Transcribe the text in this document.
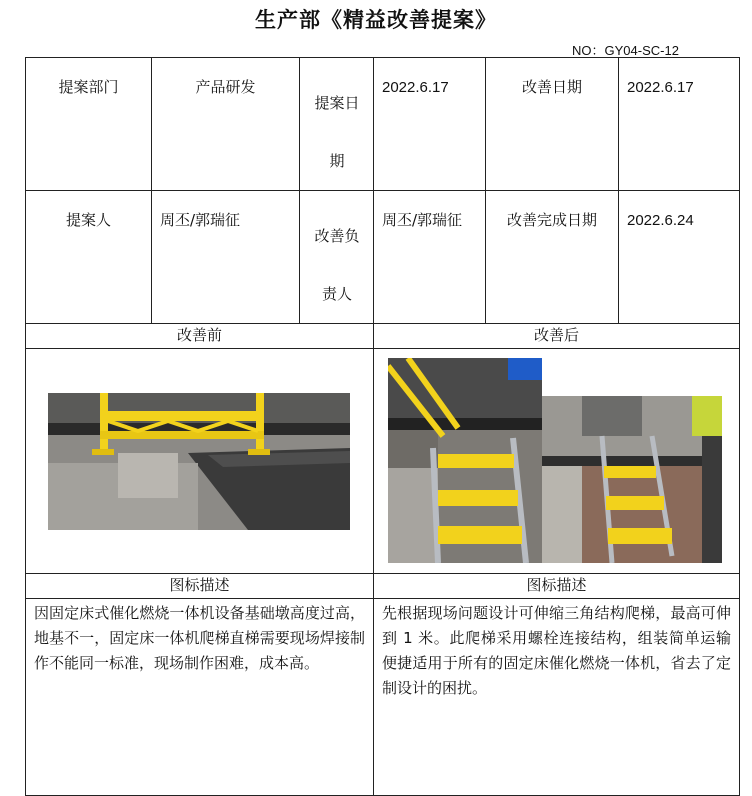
生产部《精益改善提案》
NO：GY04-SC-12
提案部门	产品研发	提案日期	2022.6.17	改善日期	2022.6.17
提案人	周丕/郭瑞征	改善负责人	周丕/郭瑞征	改善完成日期	2022.6.24
改善前			改善后		

图标描述			图标描述		
因固定床式催化燃烧一体机设备基础墩高度过高，地基不一，固定床一体机爬梯直梯需要现场焊接制作不能同一标准，现场制作困难，成本高。			先根据现场问题设计可伸缩三角结构爬梯，最高可伸到 1 米。此爬梯采用螺栓连接结构，组装简单运输便捷适用于所有的固定床催化燃烧一体机，省去了定制设计的困扰。		
